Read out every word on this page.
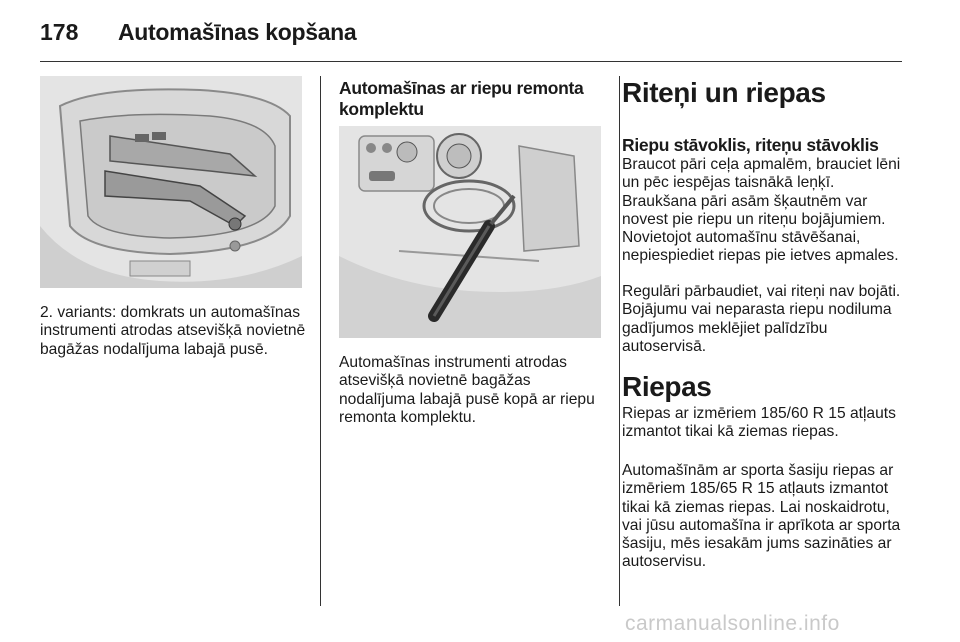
178	Automašīnas kopšana

2. variants: domkrats un automašīnas instrumenti atrodas atsevišķā novietnē bagāžas nodalījuma labajā pusē.

Automašīnas ar riepu remonta komplektu

Automašīnas instrumenti atrodas atsevišķā novietnē bagāžas nodalījuma labajā pusē kopā ar riepu remonta komplektu.

Riteņi un riepas
Riepu stāvoklis, riteņu stāvoklis

Braucot pāri ceļa apmalēm, brauciet lēni un pēc iespējas taisnākā leņķī. Braukšana pāri asām šķautnēm var novest pie riepu un riteņu bojājumiem. Novietojot automašīnu stāvēšanai, nepiespiediet riepas pie ietves apmales.

Regulāri pārbaudiet, vai riteņi nav bojāti. Bojājumu vai neparasta riepu nodiluma gadījumos meklējiet palīdzību autoservisā.

Riepas

Riepas ar izmēriem 185/60 R 15 atļauts izmantot tikai kā ziemas riepas.

Automašīnām ar sporta šasiju riepas ar izmēriem 185/65 R 15 atļauts izmantot tikai kā ziemas riepas. Lai noskaidrotu, vai jūsu automašīna ir aprīkota ar sporta šasiju, mēs iesakām jums sazināties ar autoservisu.

carmanualsonline.info
